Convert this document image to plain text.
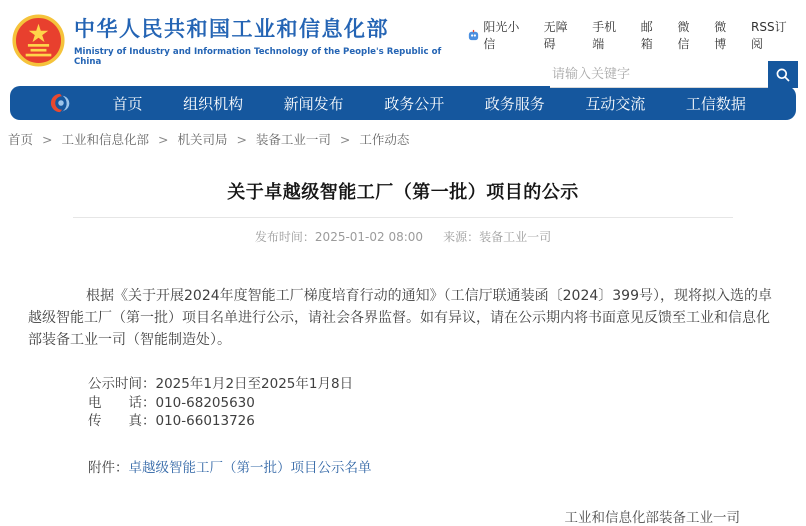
中华人民共和国工业和信息化部
Ministry of Industry and Information Technology of the People's Republic of China
阳光小信
无障碍
手机端
邮箱
微信
微博
RSS订阅
请输入关键字
首页	组织机构	新闻发布	政务公开	政务服务	互动交流	工信数据
首页 > 工业和信息化部 > 机关司局 > 装备工业一司 > 工作动态
关于卓越级智能工厂（第一批）项目的公示
发布时间：2025-01-02 08:00 来源：装备工业一司

根据《关于开展2024年度智能工厂梯度培育行动的通知》（工信厅联通装函〔2024〕399号），现将拟入选的卓越级智能工厂（第一批）项目名单进行公示，请社会各界监督。如有异议，请在公示期内将书面意见反馈至工业和信息化部装备工业一司（智能制造处）。

公示时间：2025年1月2日至2025年1月8日
电　　话：010-68205630
传　　真：010-66013726
附件：卓越级智能工厂（第一批）项目公示名单
工业和信息化部装备工业一司
